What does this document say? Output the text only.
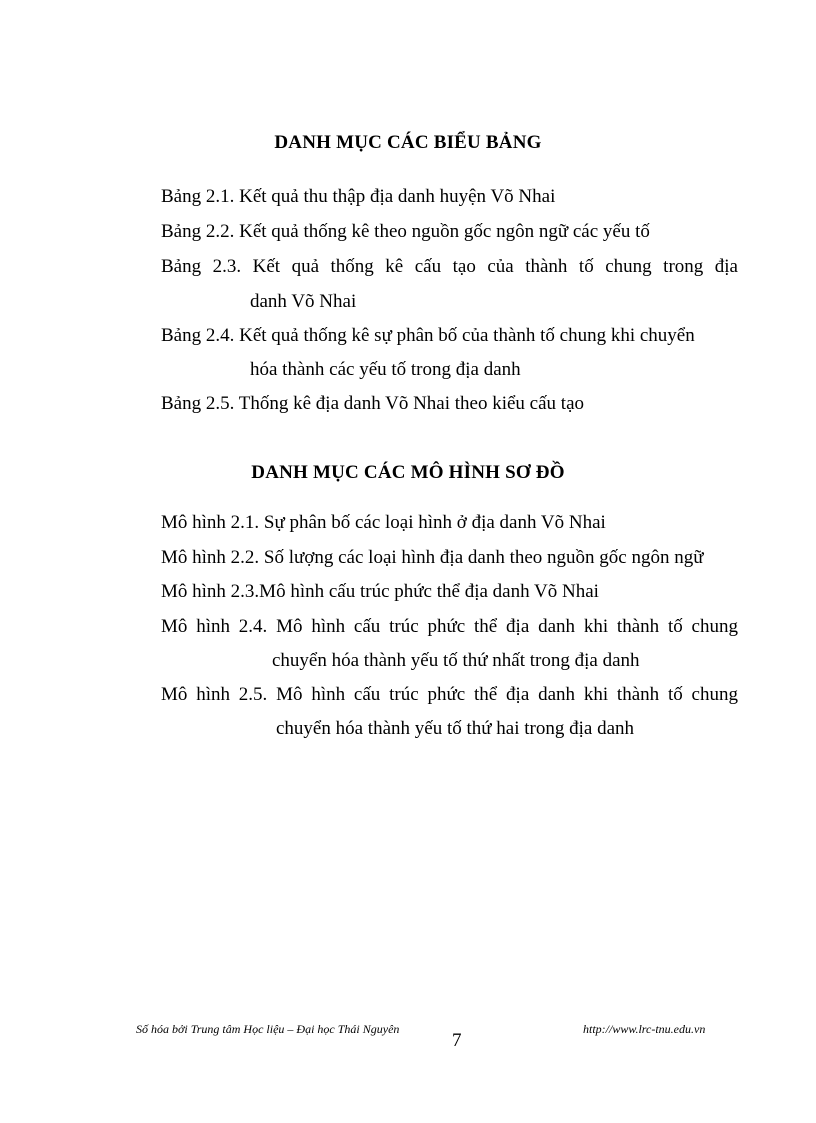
DANH MỤC CÁC BIỂU BẢNG
Bảng 2.1. Kết quả thu thập địa danh huyện Võ Nhai
Bảng 2.2. Kết quả thống kê theo nguồn gốc ngôn ngữ các yếu tố
Bảng 2.3. Kết quả thống kê cấu tạo của thành tố chung trong địa
danh Võ Nhai
Bảng 2.4. Kết quả thống kê sự phân bố của thành tố chung khi chuyển
hóa thành các yếu tố trong địa danh
Bảng 2.5. Thống kê địa danh Võ Nhai theo kiểu cấu tạo
DANH MỤC CÁC MÔ HÌNH SƠ ĐỒ
Mô hình 2.1. Sự phân bố các loại hình ở địa danh Võ Nhai
Mô hình 2.2. Số lượng các loại hình địa danh theo nguồn gốc ngôn ngữ
Mô hình 2.3.Mô hình cấu trúc phức thể địa danh Võ Nhai
Mô hình 2.4. Mô hình cấu trúc phức thể địa danh khi thành tố chung
chuyển hóa thành yếu tố thứ nhất trong địa danh
Mô hình 2.5. Mô hình cấu trúc phức thể địa danh khi thành tố chung
chuyển hóa thành yếu tố thứ hai trong địa danh
Số hóa bởi Trung tâm Học liệu – Đại học Thái Nguyên
7
http://www.lrc-tnu.edu.vn
